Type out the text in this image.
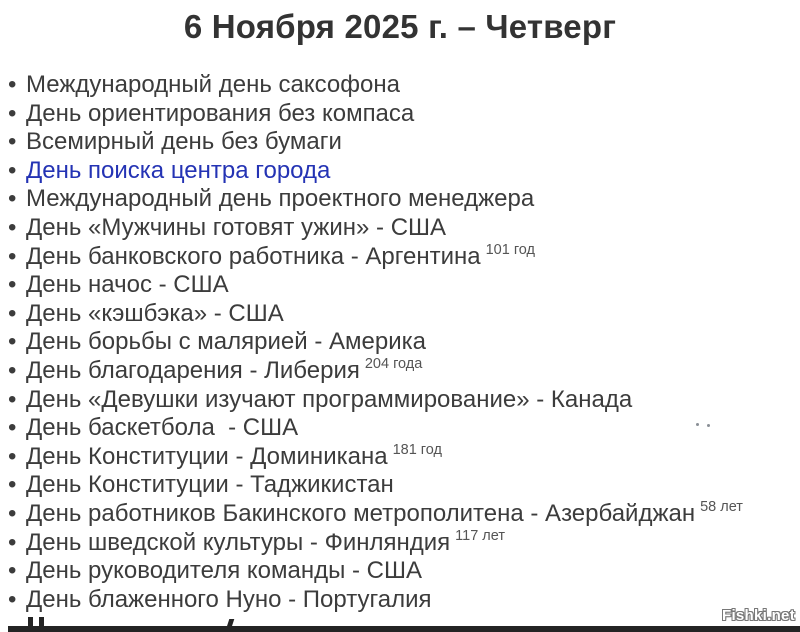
6 Ноября 2025 г. – Четверг
• Международный день саксофона
• День ориентирования без компаса
• Всемирный день без бумаги
• День поиска центра города
• Международный день проектного менеджера
• День «Мужчины готовят ужин» - США
• День банковского работника - Аргентина $^{101 год}$
• День начос - США
• День «кэшбэка» - США
• День борьбы с малярией - Америка
• День благодарения - Либерия $^{204 года}$
• День «Девушки изучают программирование» - Канада
• День баскетбола  - США
• День Конституции - Доминикана $^{181 год}$
• День Конституции - Таджикистан
• День работников Бакинского метрополитена - Азербайджан $^{58 лет}$
• День шведской культуры - Финляндия $^{117 лет}$
• День руководителя команды - США
• День блаженного Нуно - Португалия
Fishki.net
